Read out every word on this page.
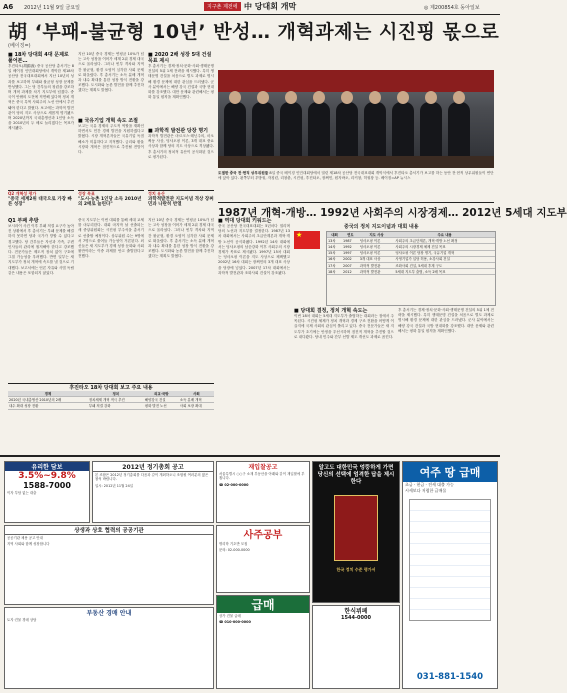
A6 2012년 11월 9일 금요일	지구촌 제전에 中 당대회 개막	◎ 제200854호 동아일보
胡 ‘부패-불균형 10년’ 반성… 개혁과제는 시진핑 몫으로
(베이징=)
■ 18차 당대회 4대 문제로 풀어본…
후진타오(胡錦濤) 중국 공산당 총서기는 8일 베이징 인민대회당에서 개막한 제18차 공산당 전국대표대회에서 지난 10년의 성과를 보고하며 부패와 불균형 성장 문제를 반성했다. 그는 당 간부들의 청렴을 강조하며 개혁 과제를 차기 지도부에 넘겼다. 중국이 안팎의 도전에 직면해 있다며 정치 개혁은 중국 특색 사회주의 노선 안에서 추진돼야 한다고 밝혔다. 보고에는 과학적 발전관이 당의 지도 사상으로 새롭게 명기됐으며 2020년까지 국내총생산과 1인당 소득을 2010년의 두 배로 늘리겠다는 목표가 제시됐다.
지난 10년 중국 경제는 연평균 10%가 넘는 고속 성장을 이어가 세계 2위 경제 대국으로 올라섰다. 그러나 빈부 격차와 지역 간 불균형, 환경 오염이 심각한 사회 문제로 떠올랐다. 후 총서기는 소득 분배 개혁과 내수 확대를 통한 성장 방식 전환을 강조했다. 도시화와 농촌 발전을 함께 추진하겠다는 계획도 밝혔다.
■ 국유기업 개혁 속도 조절
보고는 국유 경제의 주도적 역할을 재확인하면서도 민간 경제 발전을 지원하겠다고 밝혔다. 시장 개혁론자들은 국유기업 독점 해소가 미흡하다고 지적했다. 금리와 환율 시장화 개혁은 점진적으로 추진될 전망이다.
■ 2020 2배 성장 5대 건설 목표 제시
후 총서기는 경제·정치·문화·사회·생태문명 건설의 5위 1체 전략을 제시했다. 특히 생태문명 건설을 처음으로 별도 과제로 명시해 환경 문제에 대한 관심을 드러냈다. 군사 분야에서는 해양 강국 건설과 국방 현대화를 강조했다. 대만 문제와 관련해서는 평화 통일 원칙을 재확인했다.
■ 과학적 발전관 당장 명기
과학적 발전관은 마르크스·레닌주의, 마오쩌둥 사상, 덩샤오핑 이론, 3개 대표 중요 사상과 함께 당의 지도 사상으로 격상됐다. 후 총서기의 정치적 유산이 공식화된 것으로 평가된다.
Q2 개혁성 평가
"중국 세계2위 대국으로 가장 빠른 성장"
성장 목표
"도시·농촌 1인당 소득 2010년의 2배로 늘린다"
정치 유산
과학적발전관 지도이념 격상 장쩌민과 나란히 반열
Q1 부패 추방
보시라이 사건 이후 부패 척결 요구가 높아진 상황에서 후 총서기는 부패 문제를 해결하지 못하면 당과 국가가 망할 수 있다고 경고했다. 당 간부들은 자신과 가족, 주변 인사들의 관리에 철저해야 한다고 강조했다. 전문가들은 제도적 장치 없이 구호에 그칠 가능성을 우려했다. 반면 일부는 새 지도부가 정치 개혁에 속도를 낼 것으로 기대했다. 보고서에는 언론 자유와 사법 독립 같은 내용은 포함되지 않았다.
중국 지도부는 이번 대회를 통해 세대 교체를 마무리한다. 대회 마지막 날 선출되는 새 중앙위원회는 시진핑 부주석을 총서기로 선출할 예정이다. 상무위원 수는 9명에서 7명으로 줄어들 가능성이 거론된다. 외신들은 새 지도부가 경제 성장 둔화와 사회 불만이라는 이중 과제를 안고 출발한다고 전했다.
지난 10년 중국 경제는 연평균 10%가 넘는 고속 성장을 이어가 세계 2위 경제 대국으로 올라섰다. 그러나 빈부 격차와 지역 간 불균형, 환경 오염이 심각한 사회 문제로 떠올랐다. 후 총서기는 소득 분배 개혁과 내수 확대를 통한 성장 방식 전환을 강조했다. 도시화와 농촌 발전을 함께 추진하겠다는 계획도 밝혔다.
후진타오 18차 당대회 보고 주요 내용
경제	정치	외교·국방	사회
2020년 국내총생산 2010년의 2배	정치체제 개혁 적극 추진	해양강국 건설	소득 분배 개혁
내수 확대 성장 전환	부패 척결 강화	평화 발전 노선	사회 보장 확대
도열한 중국 전·현직 상무위원들 8일 중국 베이징 인민대회당에서 열린 제18차 공산당 전국대표대회 개막식에서 후진타오 총서기가 보고를 하는 동안 전·현직 상무위원들이 연단에 앉아 있다. 왼쪽부터 우방궈, 자칭린, 리창춘, 시진핑, 후진타오, 장쩌민, 원자바오, 리커창, 허궈창 등. 베이징=AP 뉴시스
1987년 개혁-개방… 1992년 사회주의 시장경제… 2012년 5세대 지도부
■ 역대 당대회 키워드는
중국 공산당 전국대표대회는 5년마다 열리며 당의 노선과 지도부를 결정한다. 1987년 13차 대회에서는 사회주의 초급단계론과 개혁·개방 노선이 공식화됐다. 1992년 14차 대회에서는 덩샤오핑의 남순강화 이후 사회주의 시장경제가 목표로 제시됐다. 1997년 15차 대회는 덩샤오핑 이론을 지도 사상으로 채택했고 2002년 16차 대회는 장쩌민의 3개 대표 사상을 당장에 넣었다. 2007년 17차 대회에서는 과학적 발전관과 조화사회 건설이 강조됐다.
★
중국의 정치 지도이념과 대회 내용
대회	연도	지도 사상	주요 내용
13차	1987	덩샤오핑 이론	사회주의 초급단계론, 개혁·개방 노선 확정
14차	1992	덩샤오핑 이론	사회주의 시장경제 체제 건설 목표
15차	1997	덩샤오핑 이론	덩샤오핑 이론 당장 명기, 국유기업 개혁
16차	2002	3개 대표 사상	사영기업가 입당 허용, 소강사회 건설
17차	2007	과학적 발전관	조화사회 건설, 5세대 후계 구도
18차	2012	과학적 발전관	5세대 지도부 출범, 소득 2배 목표
■ 당대회 결정, 정치 개혁 속도는
이번 18차 대회는 5세대 지도부가 출범하는 대회라는 점에서 주목된다. 시진핑 체제가 정치 개혁과 경제 구조 전환을 어떻게 이끌지에 국제 사회의 관심이 쏠리고 있다. 중국 전문가들은 새 지도부가 초기에는 안정을 우선시하며 점진적 개혁을 추진할 것으로 내다봤다. 당내 민주와 간부 선발 제도 개선도 과제로 꼽힌다.
후 총서기는 경제·정치·문화·사회·생태문명 건설의 5위 1체 전략을 제시했다. 특히 생태문명 건설을 처음으로 별도 과제로 명시해 환경 문제에 대한 관심을 드러냈다. 군사 분야에서는 해양 강국 건설과 국방 현대화를 강조했다. 대만 문제와 관련해서는 평화 통일 원칙을 재확인했다.
유리한 담보
3.5%~9.8%
1588-7000
이자 부담 없는 대출
2012년 정기총회 공고
본 조합은 2012년 정기총회를 다음과 같이 개최하오니 조합원 여러분의 많은 참석 바랍니다.
일시: 2012년 11월 24일
재입찰공고
서울특별시 ○○구 소재 부동산을 아래와 같이 재입찰에 부칩니다.
☎ 02-000-0000
알고도 대한민국 엉뚱하게 가면 당신의 선택에 엄격한 답을 제시한다
한국 정치 수준 평가서
여주 땅 급매
초급 · 현금 · 전세 대출 가능
시세보다 저렴한 급매물
031-881-1540
사주공부
명리학 기초반 모집
문의: 02-000-0000
상생과 상호 협력의 공공기관
공공기관 채용 공고 안내
지역 사회와 함께 성장합니다
급매
상가 건물 급매
☎ 010-000-0000
부동산 경매 안내
토지·건물 경매 상담
한식뷔페
1544-0000
